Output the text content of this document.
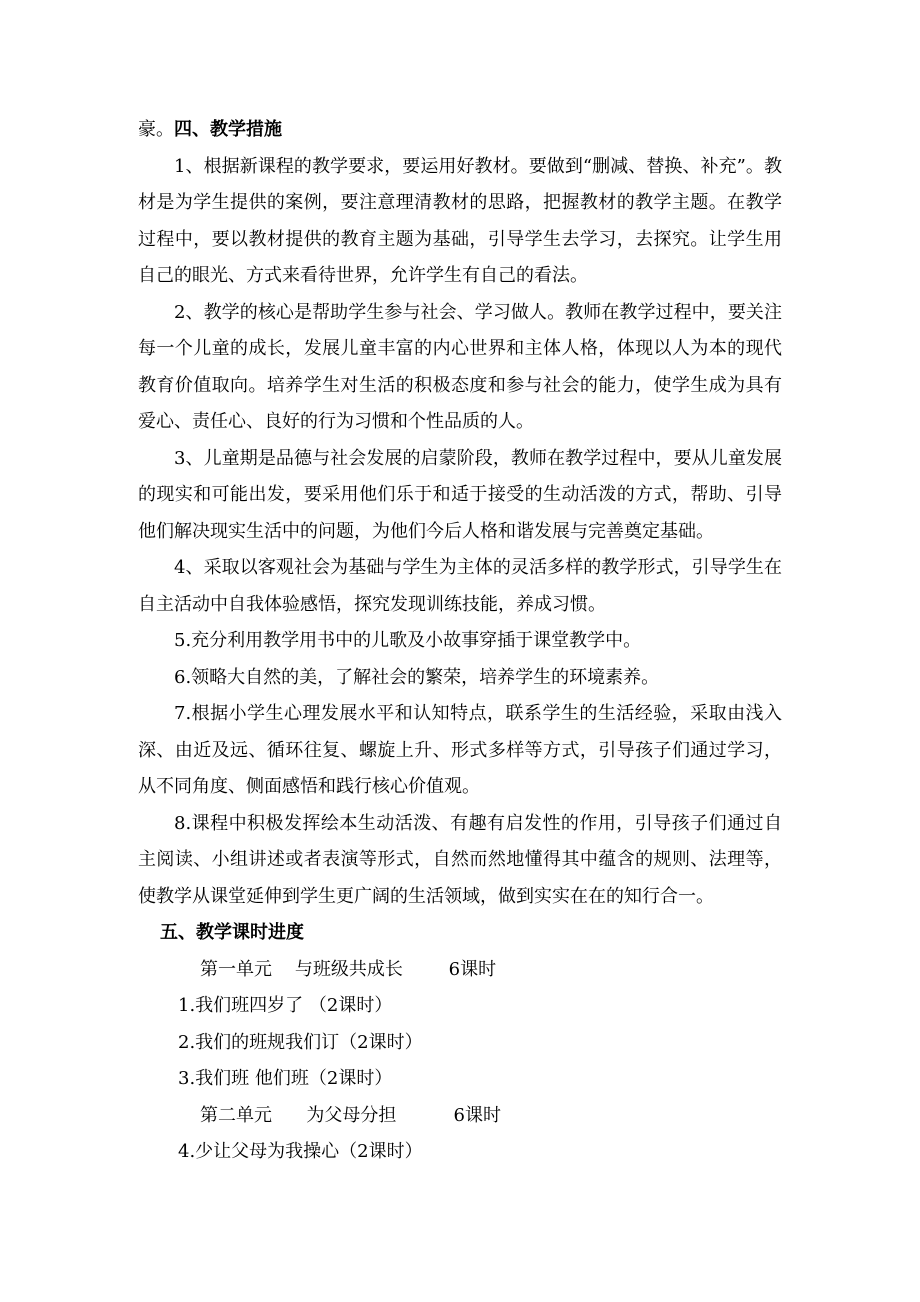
豪。四、教学措施

1、根据新课程的教学要求，要运用好教材。要做到“删减、替换、补充”。教材是为学生提供的案例，要注意理清教材的思路，把握教材的教学主题。在教学过程中，要以教材提供的教育主题为基础，引导学生去学习，去探究。让学生用自己的眼光、方式来看待世界，允许学生有自己的看法。

2、教学的核心是帮助学生参与社会、学习做人。教师在教学过程中，要关注每一个儿童的成长，发展儿童丰富的内心世界和主体人格，体现以人为本的现代教育价值取向。培养学生对生活的积极态度和参与社会的能力，使学生成为具有爱心、责任心、良好的行为习惯和个性品质的人。

3、儿童期是品德与社会发展的启蒙阶段，教师在教学过程中，要从儿童发展的现实和可能出发，要采用他们乐于和适于接受的生动活泼的方式，帮助、引导他们解决现实生活中的问题，为他们今后人格和谐发展与完善奠定基础。

4、采取以客观社会为基础与学生为主体的灵活多样的教学形式，引导学生在自主活动中自我体验感悟，探究发现训练技能，养成习惯。

5.充分利用教学用书中的儿歌及小故事穿插于课堂教学中。

6.领略大自然的美，了解社会的繁荣，培养学生的环境素养。

7.根据小学生心理发展水平和认知特点，联系学生的生活经验，采取由浅入深、由近及远、循环往复、螺旋上升、形式多样等方式，引导孩子们通过学习，从不同角度、侧面感悟和践行核心价值观。

8.课程中积极发挥绘本生动活泼、有趣有启发性的作用，引导孩子们通过自主阅读、小组讲述或者表演等形式，自然而然地懂得其中蕴含的规则、法理等，使教学从课堂延伸到学生更广阔的生活领域，做到实实在在的知行合一。

五、教学课时进度

第一单元    与班级共成长        6课时

1.我们班四岁了 （2课时）

2.我们的班规我们订（2课时）

3.我们班 他们班（2课时）

第二单元      为父母分担          6课时

4.少让父母为我操心（2课时）
